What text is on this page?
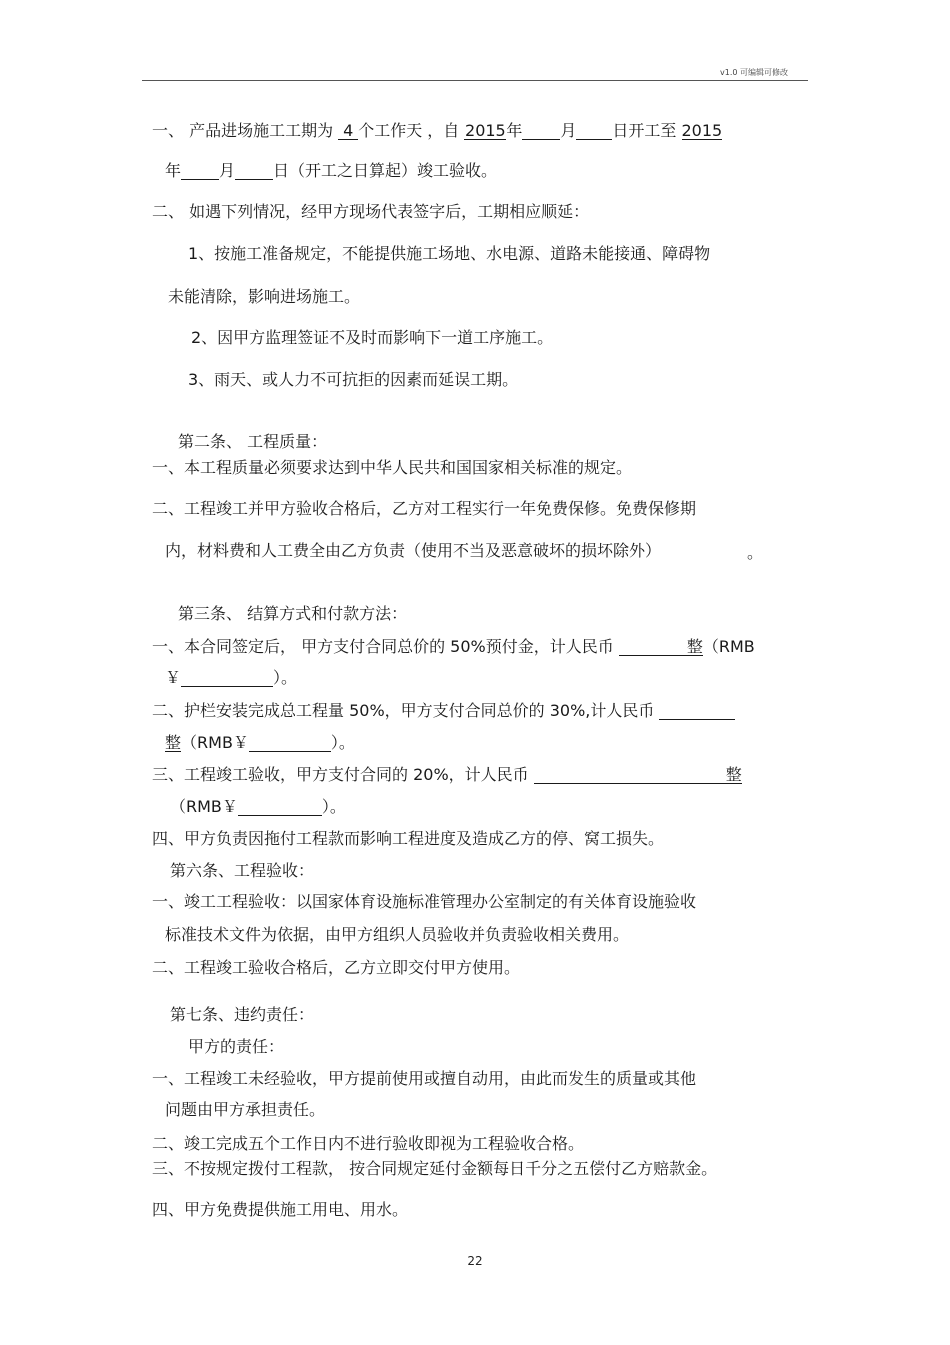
v1.0 可编辑可修改
一、 产品进场施工工期为 4 个工作天 ，自 2015年 月 日开工至 2015
年 月 日（开工之日算起）竣工验收。
二、 如遇下列情况，经甲方现场代表签字后，工期相应顺延：
1、按施工准备规定，不能提供施工场地、水电源、道路未能接通、障碍物
未能清除，影响进场施工。
2、因甲方监理签证不及时而影响下一道工序施工。
3、雨天、或人力不可抗拒的因素而延误工期。
第二条、 工程质量：
一、本工程质量必须要求达到中华人民共和国国家相关标准的规定。
二、工程竣工并甲方验收合格后，乙方对工程实行一年免费保修。免费保修期
内，材料费和人工费全由乙方负责（使用不当及恶意破坏的损坏除外）	。
第三条、 结算方式和付款方法：
一、本合同签定后， 甲方支付合同总价的 50%预付金，计人民币	整（RMB
￥	）。
二、护栏安装完成总工程量 50%，甲方支付合同总价的 30%,计人民币
整（RMB￥	）。
三、工程竣工验收，甲方支付合同的 20%，计人民币	整
（RMB￥	）。
四、甲方负责因拖付工程款而影响工程进度及造成乙方的停、窝工损失。
第六条、工程验收：
一、竣工工程验收：以国家体育设施标准管理办公室制定的有关体育设施验收
标准技术文件为依据，由甲方组织人员验收并负责验收相关费用。
二、工程竣工验收合格后，乙方立即交付甲方使用。
第七条、违约责任：
甲方的责任：
一、工程竣工未经验收，甲方提前使用或擅自动用，由此而发生的质量或其他
问题由甲方承担责任。
二、竣工完成五个工作日内不进行验收即视为工程验收合格。
三、不按规定拨付工程款， 按合同规定延付金额每日千分之五偿付乙方赔款金。
四、甲方免费提供施工用电、用水。
22
